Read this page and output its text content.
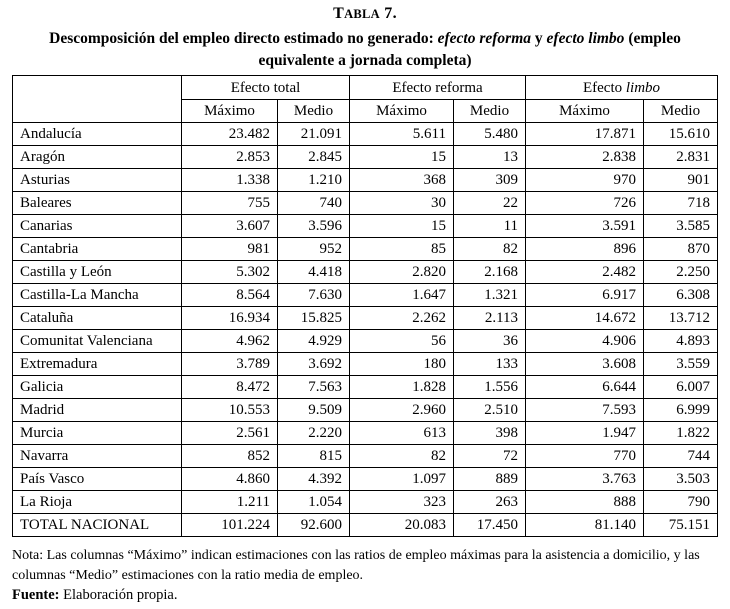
TABLA 7.
Descomposición del empleo directo estimado no generado: efecto reforma y efecto limbo (empleo
equivalente a jornada completa)
	Efecto total		Efecto reforma		Efecto limbo	
	Máximo	Medio	Máximo	Medio	Máximo	Medio
Andalucía	23.482	21.091	5.611	5.480	17.871	15.610
Aragón	2.853	2.845	15	13	2.838	2.831
Asturias	1.338	1.210	368	309	970	901
Baleares	755	740	30	22	726	718
Canarias	3.607	3.596	15	11	3.591	3.585
Cantabria	981	952	85	82	896	870
Castilla y León	5.302	4.418	2.820	2.168	2.482	2.250
Castilla-La Mancha	8.564	7.630	1.647	1.321	6.917	6.308
Cataluña	16.934	15.825	2.262	2.113	14.672	13.712
Comunitat Valenciana	4.962	4.929	56	36	4.906	4.893
Extremadura	3.789	3.692	180	133	3.608	3.559
Galicia	8.472	7.563	1.828	1.556	6.644	6.007
Madrid	10.553	9.509	2.960	2.510	7.593	6.999
Murcia	2.561	2.220	613	398	1.947	1.822
Navarra	852	815	82	72	770	744
País Vasco	4.860	4.392	1.097	889	3.763	3.503
La Rioja	1.211	1.054	323	263	888	790
TOTAL NACIONAL	101.224	92.600	20.083	17.450	81.140	75.151
Nota: Las columnas “Máximo” indican estimaciones con las ratios de empleo máximas para la asistencia a domicilio, y las columnas “Medio” estimaciones con la ratio media de empleo.
Fuente: Elaboración propia.
